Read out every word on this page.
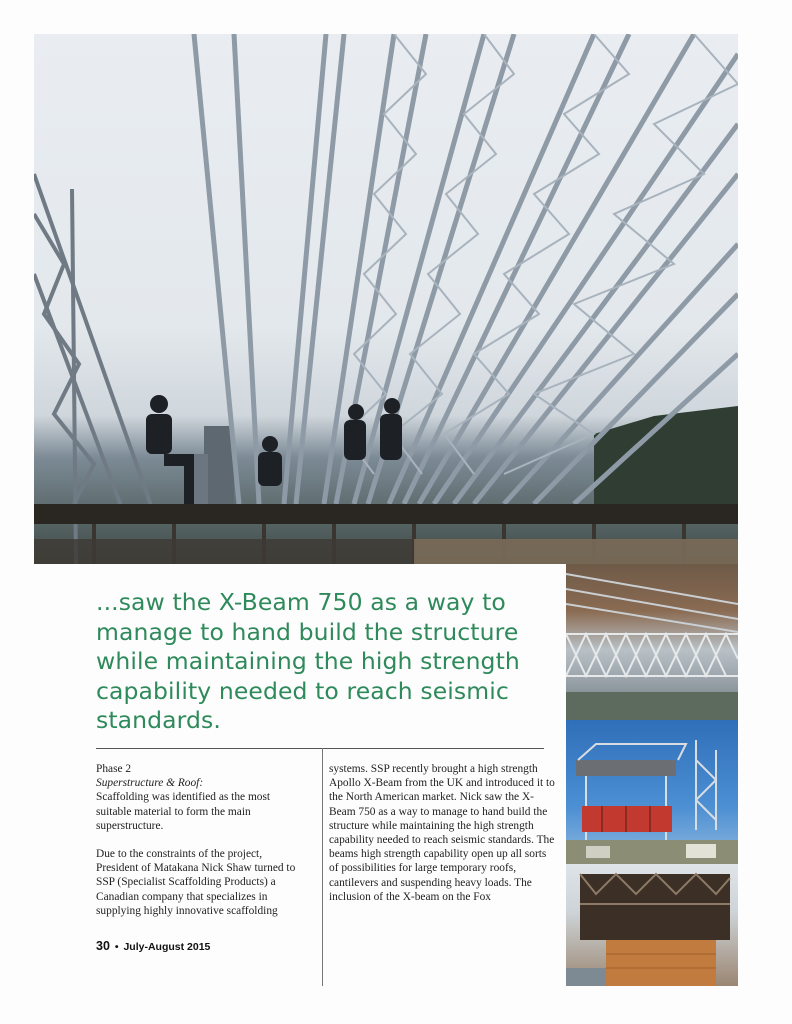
...saw the X-Beam 750 as a way to manage to hand build the structure while maintaining the high strength capability needed to reach seismic standards.

Phase 2

Superstructure & Roof:

Scaffolding was identified as the most suitable material to form the main superstructure.

Due to the constraints of the project, President of Matakana Nick Shaw turned to SSP (Specialist Scaffolding Products) a Canadian company that specializes in supplying highly innovative scaffolding

systems. SSP recently brought a high strength Apollo X-Beam from the UK and introduced it to the North American market. Nick saw the X-Beam 750 as a way to manage to hand build the structure while maintaining the high strength capability needed to reach seismic standards. The beams high strength capability open up all sorts of possibilities for large temporary roofs, cantilevers and suspending heavy loads. The inclusion of the X-beam on the Fox

30 • July-August 2015
